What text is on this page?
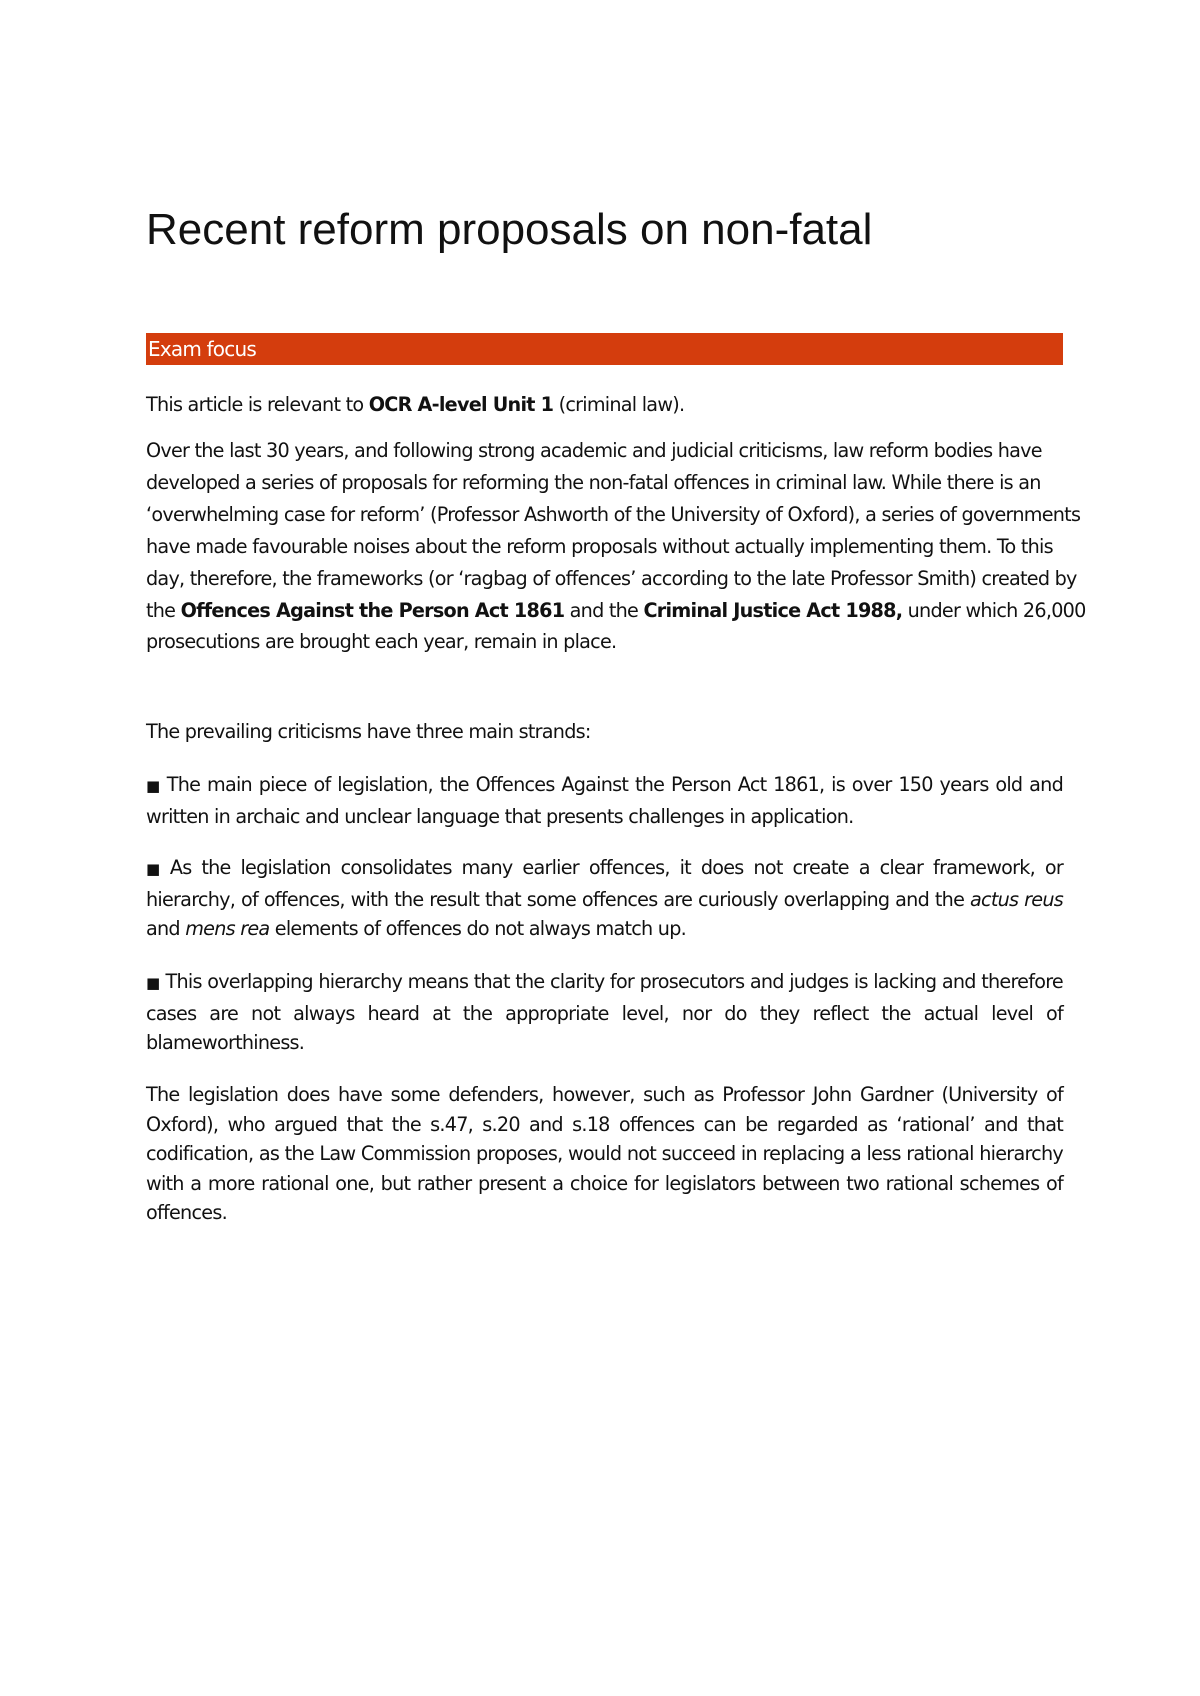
Recent reform proposals on non-fatal
Exam focus

This article is relevant to OCR A-level Unit 1 (criminal law).

Over the last 30 years, and following strong academic and judicial criticisms, law reform bodies have developed a series of proposals for reforming the non-fatal offences in criminal law. While there is an ‘overwhelming case for reform’ (Professor Ashworth of the University of Oxford), a series of governments have made favourable noises about the reform proposals without actually implementing them. To this day, therefore, the frameworks (or ‘ragbag of offences’ according to the late Professor Smith) created by the Offences Against the Person Act 1861 and the Criminal Justice Act 1988, under which 26,000 prosecutions are brought each year, remain in place.

The prevailing criticisms have three main strands:

■ The main piece of legislation, the Offences Against the Person Act 1861, is over 150 years old and written in archaic and unclear language that presents challenges in application.

■ As the legislation consolidates many earlier offences, it does not create a clear framework, or hierarchy, of offences, with the result that some offences are curiously overlapping and the actus reus and mens rea elements of offences do not always match up.

■ This overlapping hierarchy means that the clarity for prosecutors and judges is lacking and therefore cases are not always heard at the appropriate level, nor do they reflect the actual level of blameworthiness.

The legislation does have some defenders, however, such as Professor John Gardner (University of Oxford), who argued that the s.47, s.20 and s.18 offences can be regarded as ‘rational’ and that codification, as the Law Commission proposes, would not succeed in replacing a less rational hierarchy with a more rational one, but rather present a choice for legislators between two rational schemes of offences.
